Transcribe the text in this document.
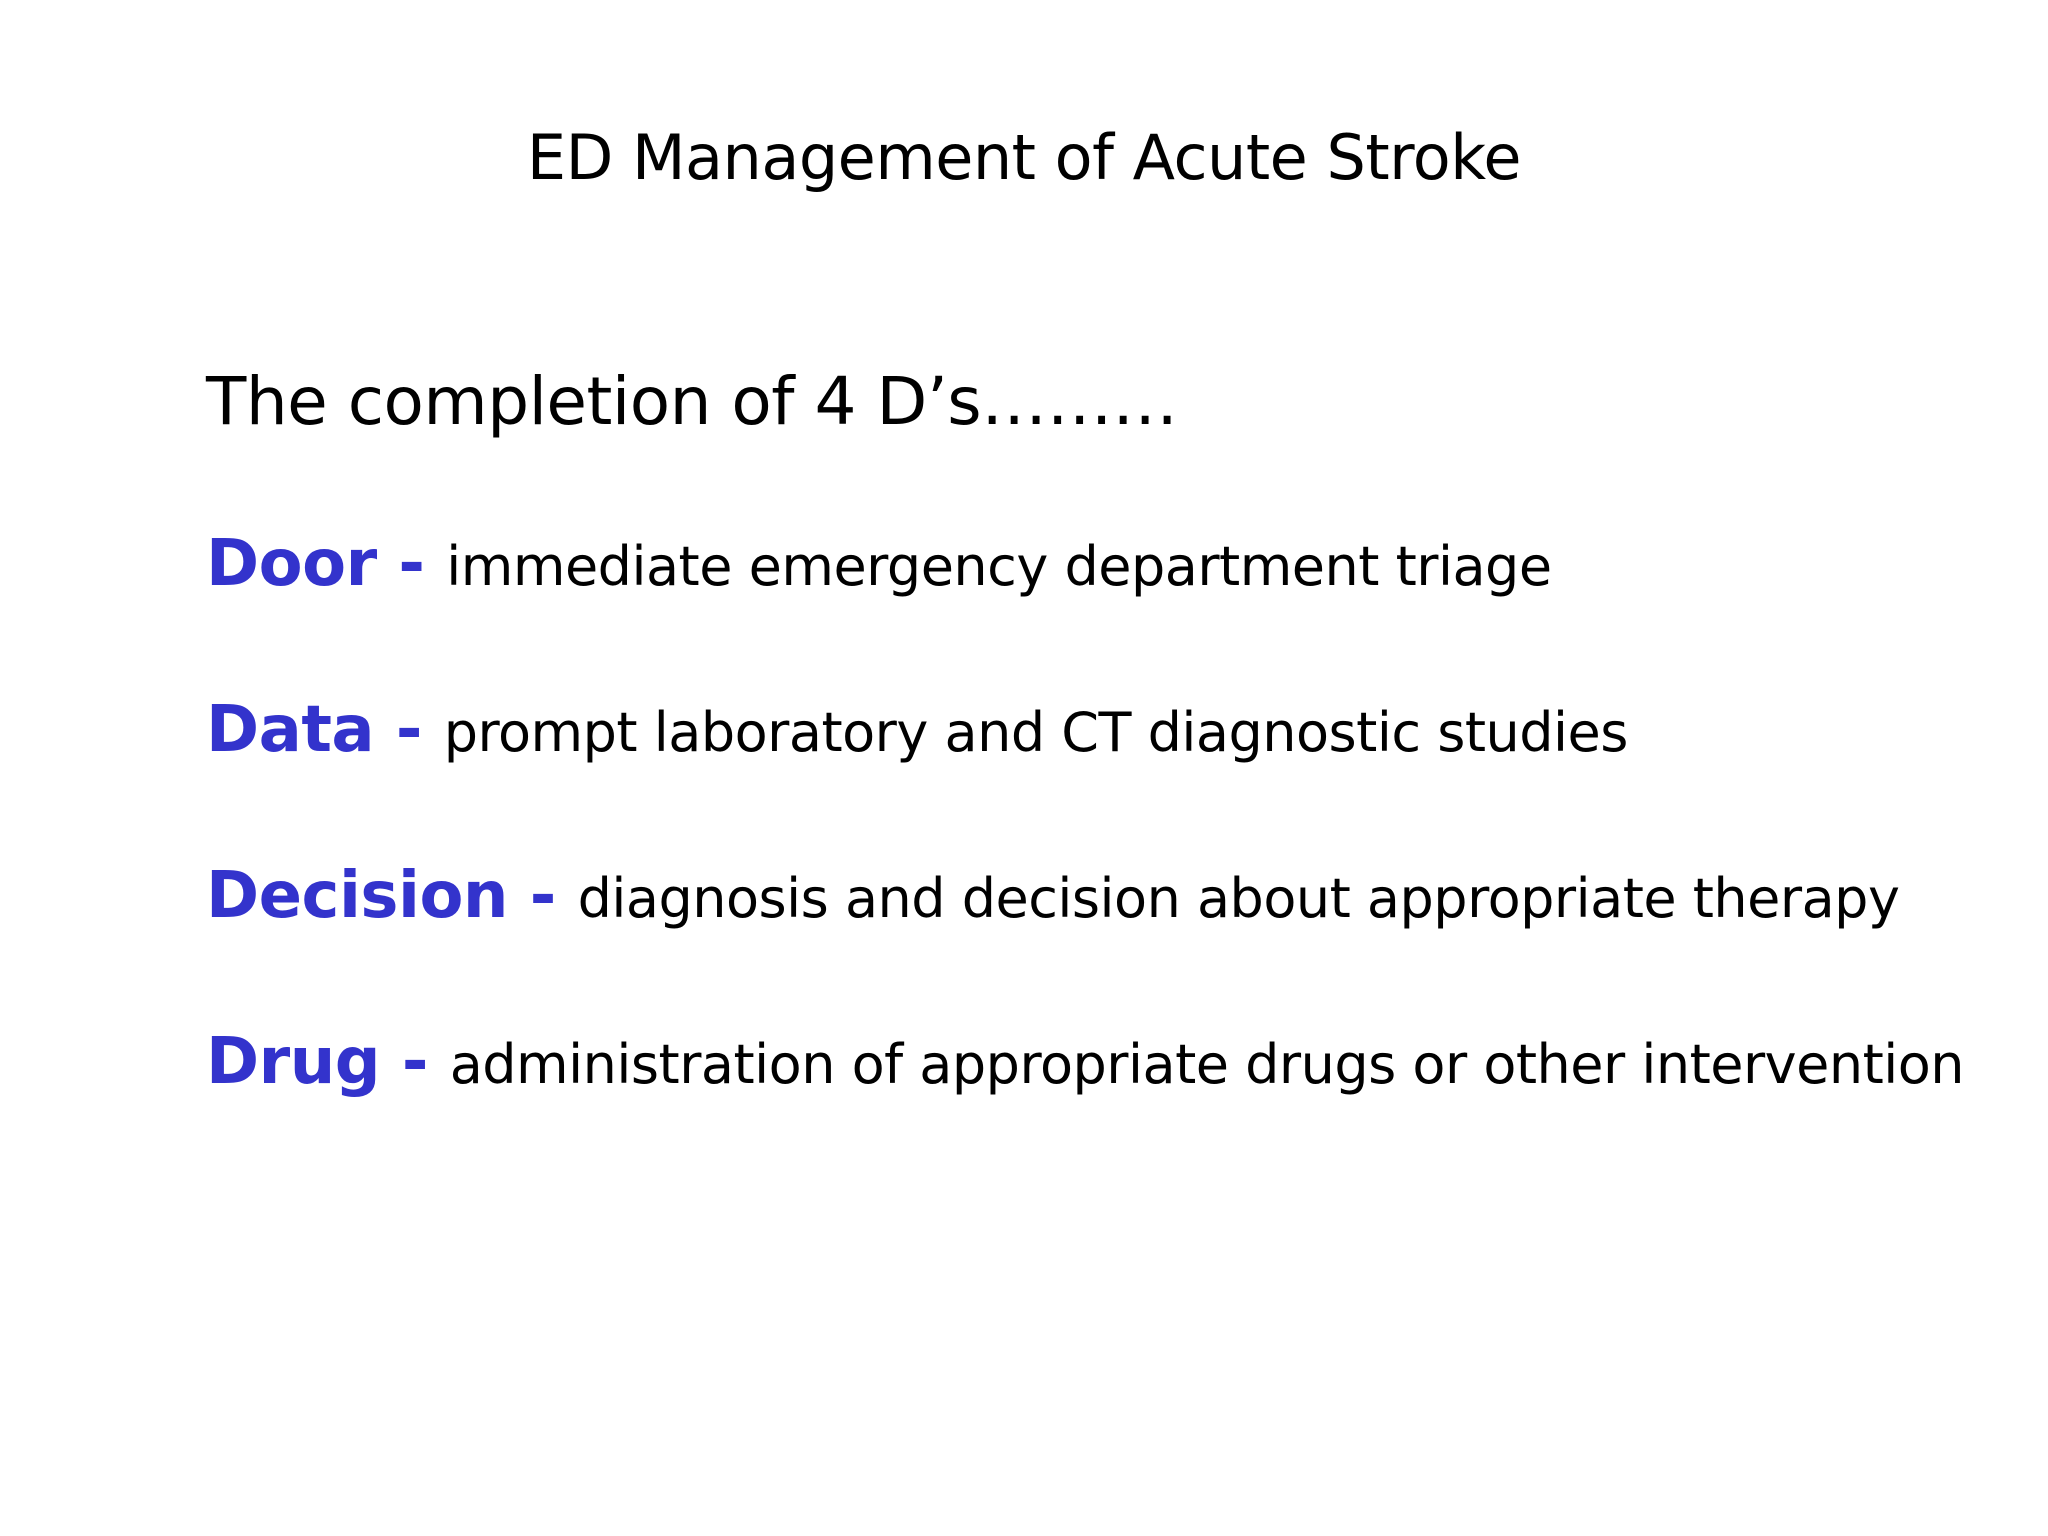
ED Management of Acute Stroke
The completion of 4 D’s………
Door - immediate emergency department triage
Data - prompt laboratory and CT diagnostic studies
Decision - diagnosis and decision about appropriate therapy
Drug - administration of appropriate drugs or other intervention
